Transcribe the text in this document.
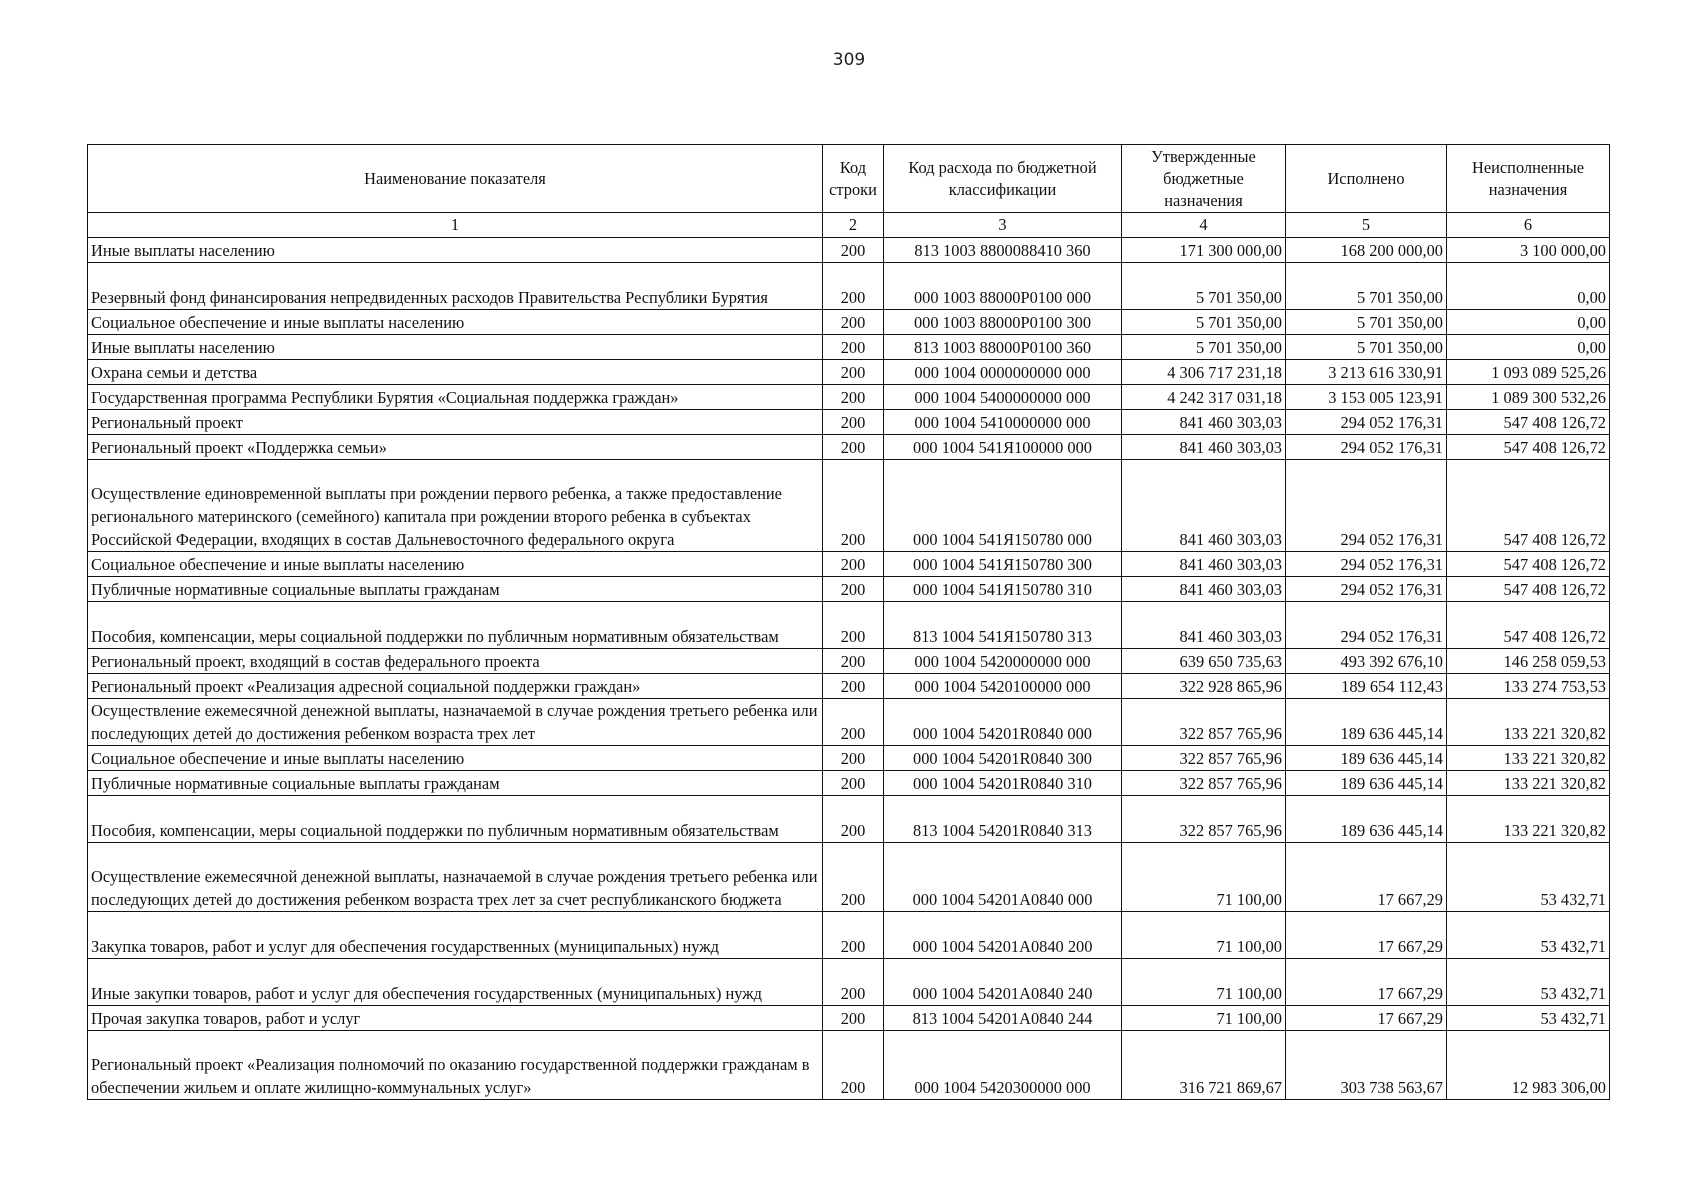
309
Наименование показателя	Код строки	Код расхода по бюджетной классификации	Утвержденные бюджетные назначения	Исполнено	Неисполненные назначения
1	2	3	4	5	6
Иные выплаты населению	200	813 1003 8800088410 360	171 300 000,00	168 200 000,00	3 100 000,00
Резервный фонд финансирования непредвиденных расходов Правительства Республики Бурятия	200	000 1003 88000Р0100 000	5 701 350,00	5 701 350,00	0,00
Социальное обеспечение и иные выплаты населению	200	000 1003 88000Р0100 300	5 701 350,00	5 701 350,00	0,00
Иные выплаты населению	200	813 1003 88000Р0100 360	5 701 350,00	5 701 350,00	0,00
Охрана семьи и детства	200	000 1004 0000000000 000	4 306 717 231,18	3 213 616 330,91	1 093 089 525,26
Государственная программа Республики Бурятия «Социальная поддержка граждан»	200	000 1004 5400000000 000	4 242 317 031,18	3 153 005 123,91	1 089 300 532,26
Региональный проект	200	000 1004 5410000000 000	841 460 303,03	294 052 176,31	547 408 126,72
Региональный проект «Поддержка семьи»	200	000 1004 541Я100000 000	841 460 303,03	294 052 176,31	547 408 126,72
Осуществление единовременной выплаты при рождении первого ребенка, а также предоставление регионального материнского (семейного) капитала при рождении второго ребенка в субъектах Российской Федерации, входящих в состав Дальневосточного федерального округа	200	000 1004 541Я150780 000	841 460 303,03	294 052 176,31	547 408 126,72
Социальное обеспечение и иные выплаты населению	200	000 1004 541Я150780 300	841 460 303,03	294 052 176,31	547 408 126,72
Публичные нормативные социальные выплаты гражданам	200	000 1004 541Я150780 310	841 460 303,03	294 052 176,31	547 408 126,72
Пособия, компенсации, меры социальной поддержки по публичным нормативным обязательствам	200	813 1004 541Я150780 313	841 460 303,03	294 052 176,31	547 408 126,72
Региональный проект, входящий в состав федерального проекта	200	000 1004 5420000000 000	639 650 735,63	493 392 676,10	146 258 059,53
Региональный проект «Реализация адресной социальной поддержки граждан»	200	000 1004 5420100000 000	322 928 865,96	189 654 112,43	133 274 753,53
Осуществление ежемесячной денежной выплаты, назначаемой в случае рождения третьего ребенка или последующих детей до достижения ребенком возраста трех лет	200	000 1004 54201R0840 000	322 857 765,96	189 636 445,14	133 221 320,82
Социальное обеспечение и иные выплаты населению	200	000 1004 54201R0840 300	322 857 765,96	189 636 445,14	133 221 320,82
Публичные нормативные социальные выплаты гражданам	200	000 1004 54201R0840 310	322 857 765,96	189 636 445,14	133 221 320,82
Пособия, компенсации, меры социальной поддержки по публичным нормативным обязательствам	200	813 1004 54201R0840 313	322 857 765,96	189 636 445,14	133 221 320,82
Осуществление ежемесячной денежной выплаты, назначаемой в случае рождения третьего ребенка или последующих детей до достижения ребенком возраста трех лет за счет республиканского бюджета	200	000 1004 54201А0840 000	71 100,00	17 667,29	53 432,71
Закупка товаров, работ и услуг для обеспечения государственных (муниципальных) нужд	200	000 1004 54201А0840 200	71 100,00	17 667,29	53 432,71
Иные закупки товаров, работ и услуг для обеспечения государственных (муниципальных) нужд	200	000 1004 54201А0840 240	71 100,00	17 667,29	53 432,71
Прочая закупка товаров, работ и услуг	200	813 1004 54201А0840 244	71 100,00	17 667,29	53 432,71
Региональный проект «Реализация полномочий по оказанию государственной поддержки гражданам в обеспечении жильем и оплате жилищно-коммунальных услуг»	200	000 1004 5420300000 000	316 721 869,67	303 738 563,67	12 983 306,00
